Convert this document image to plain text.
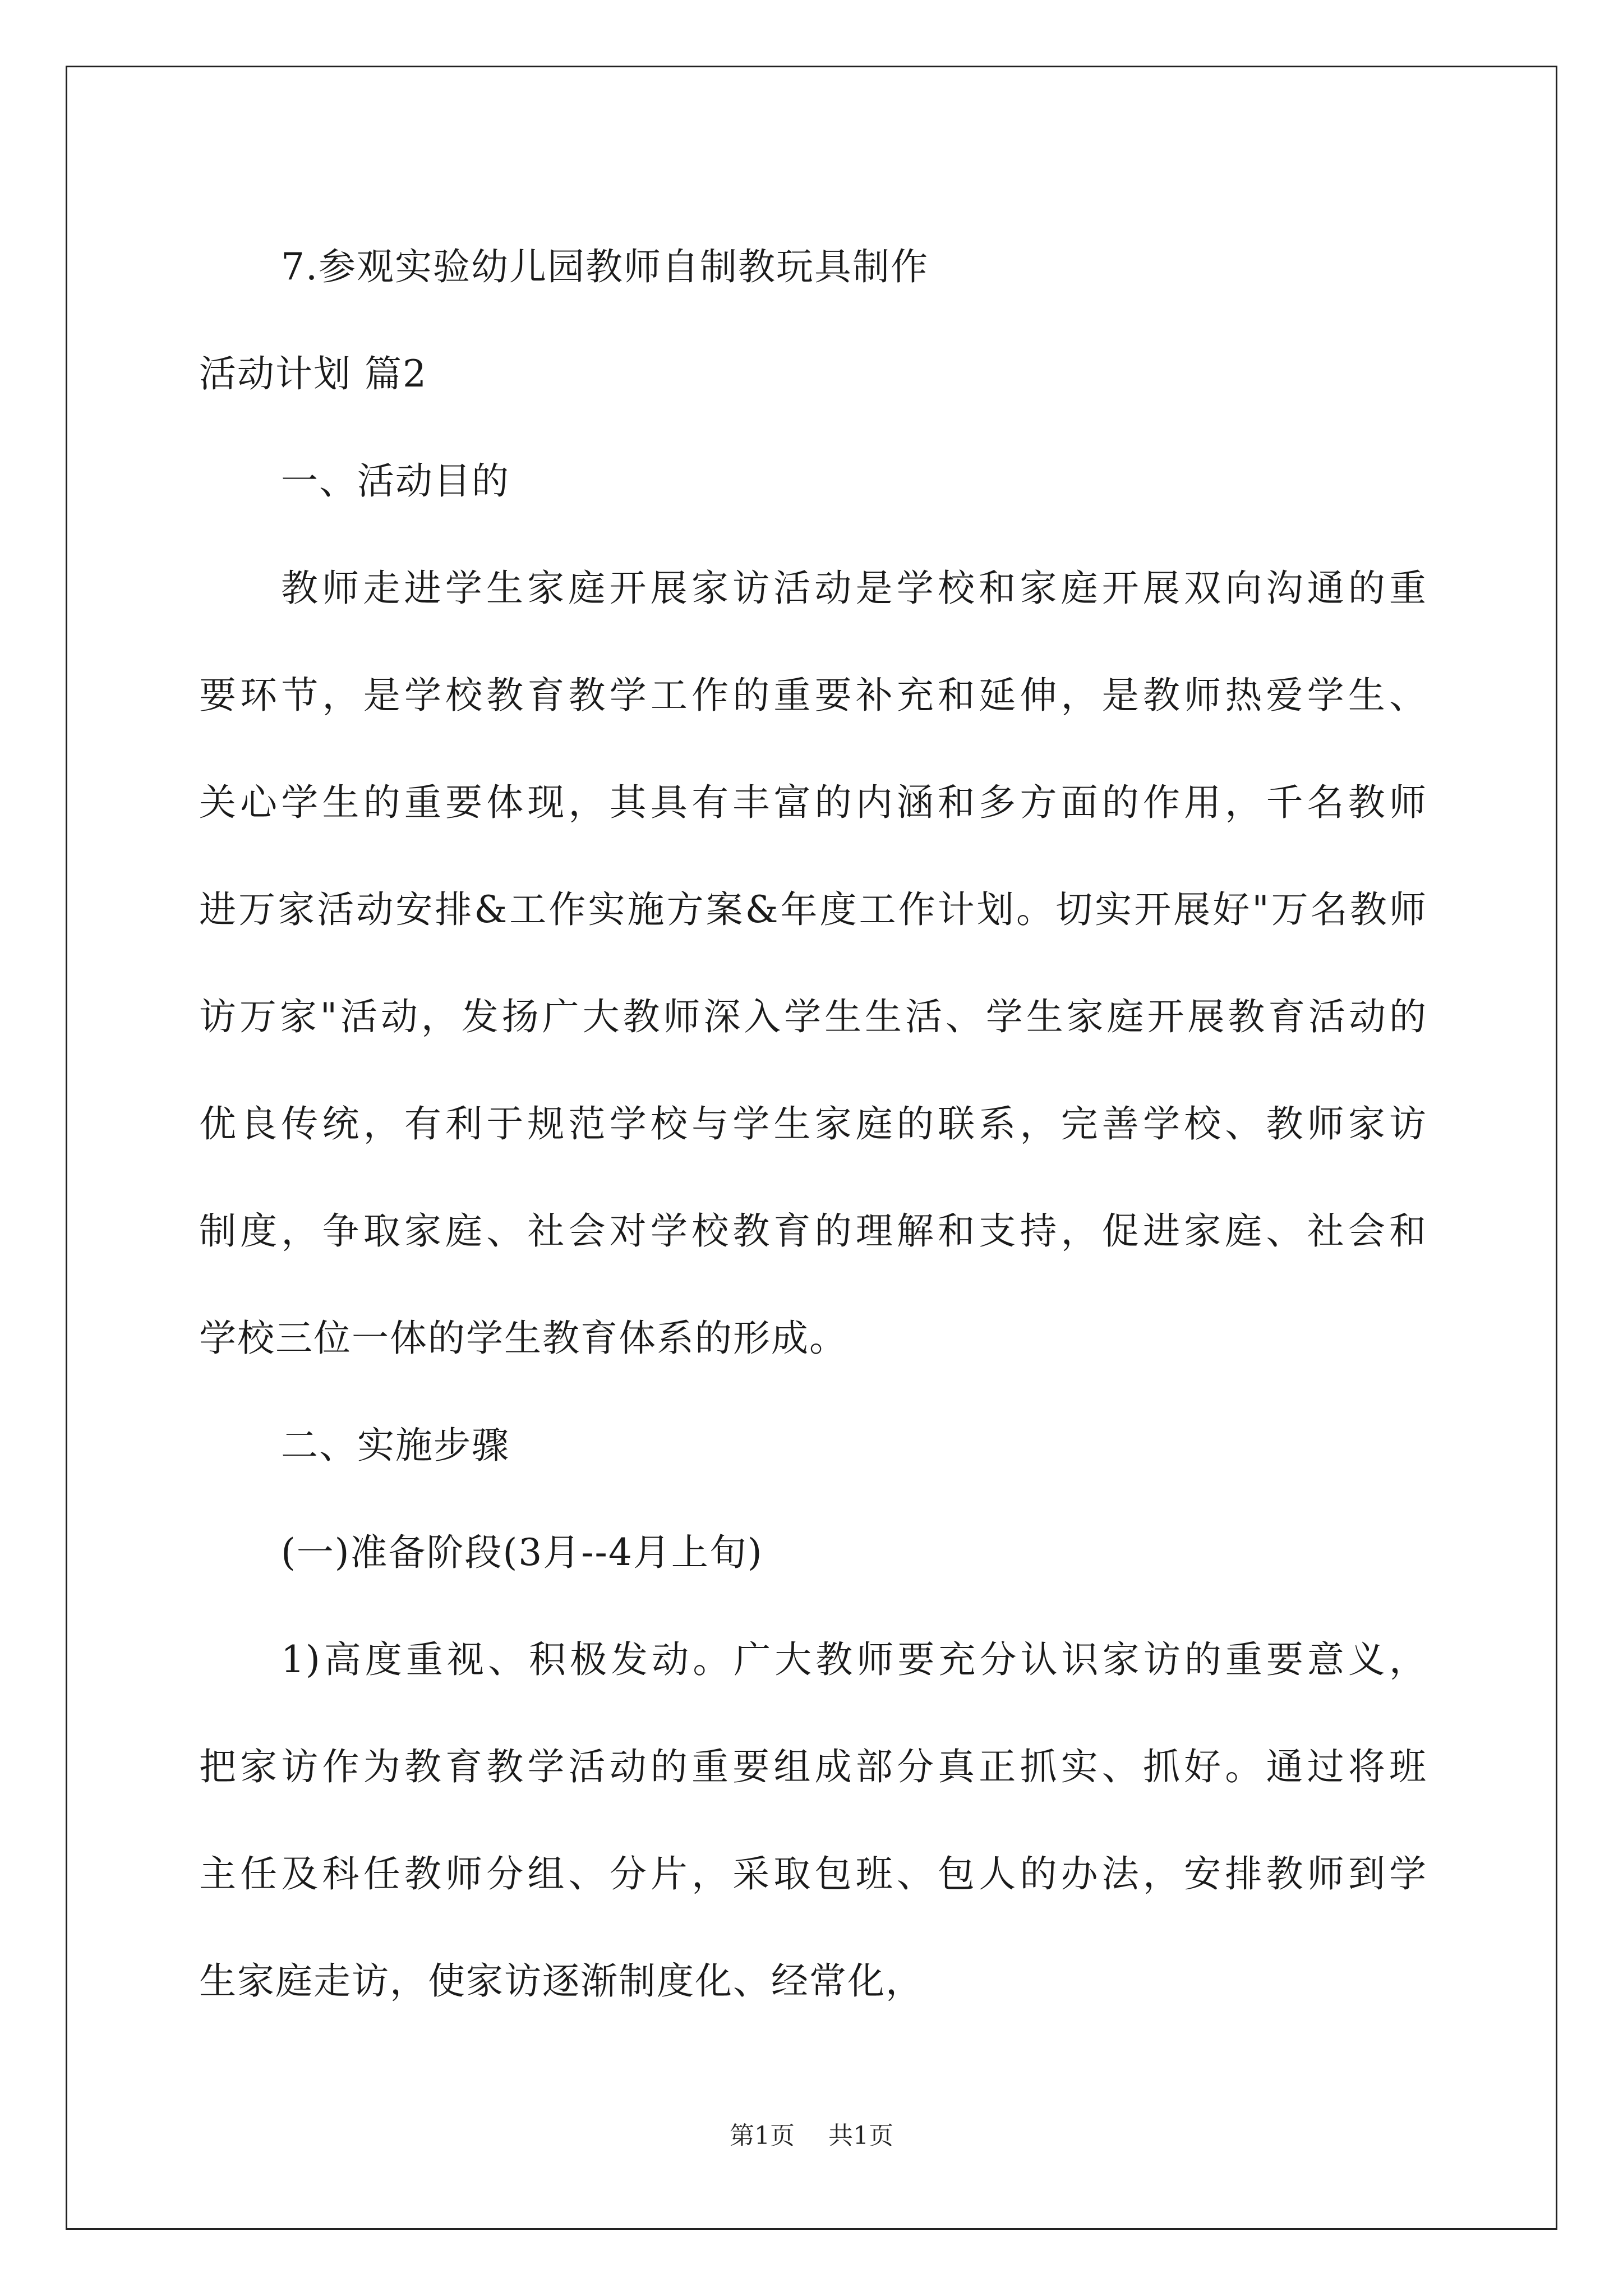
7.参观实验幼儿园教师自制教玩具制作
活动计划 篇2
一、活动目的
教师走进学生家庭开展家访活动是学校和家庭开展双向沟通的重
要环节，是学校教育教学工作的重要补充和延伸，是教师热爱学生、
关心学生的重要体现，其具有丰富的内涵和多方面的作用，千名教师
进万家活动安排&工作实施方案&年度工作计划。切实开展好"万名教师
访万家"活动，发扬广大教师深入学生生活、学生家庭开展教育活动的
优良传统，有利于规范学校与学生家庭的联系，完善学校、教师家访
制度，争取家庭、社会对学校教育的理解和支持，促进家庭、社会和
学校三位一体的学生教育体系的形成。
二、实施步骤
(一)准备阶段(3月--4月上旬)
1)高度重视、积极发动。广大教师要充分认识家访的重要意义，
把家访作为教育教学活动的重要组成部分真正抓实、抓好。通过将班
主任及科任教师分组、分片，采取包班、包人的办法，安排教师到学
生家庭走访，使家访逐渐制度化、经常化，
第1页 共1页
